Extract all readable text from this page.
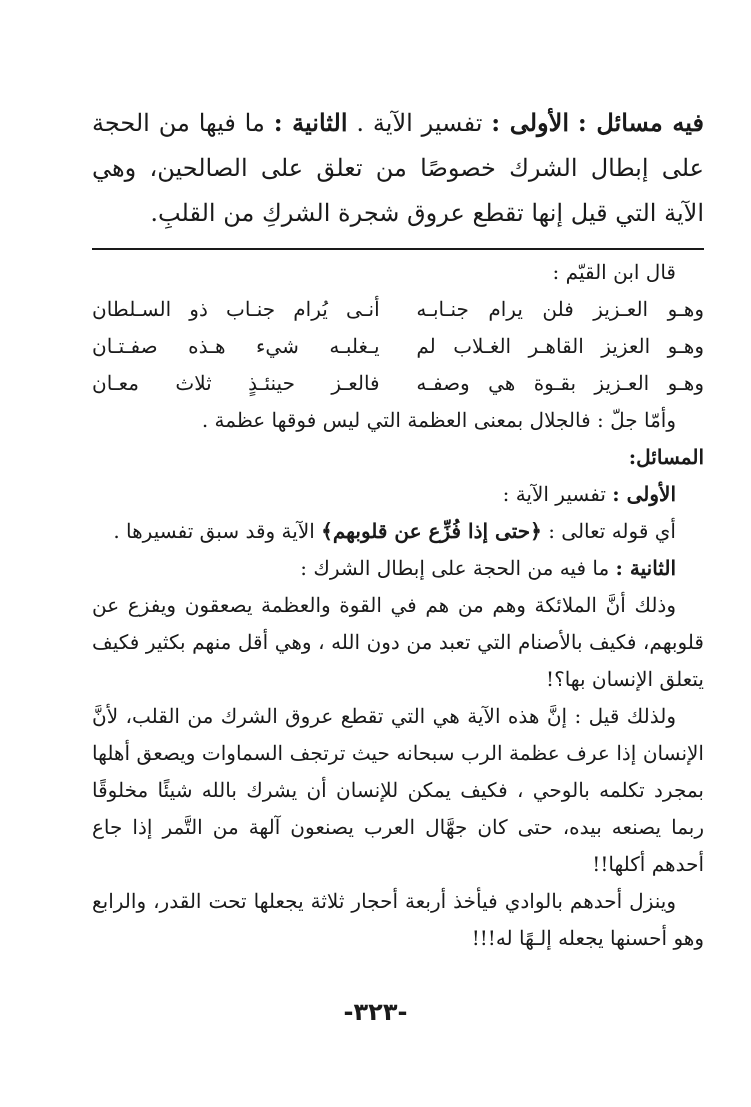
فيه مسائل : الأولى : تفسير الآية . الثانية : ما فيها من الحجة على إبطال الشرك خصوصًا من تعلق على الصالحين، وهي الآية التي قيل إنها تقطع عروق شجرة الشركِ من القلبِ.

قال ابن القيّم :

وهـو العـزيز فلن يرام جنـابـه
أنـى يُرام جنـاب ذو السـلطان
وهـو العزيز القاهـر الغـلاب لم
يـغلبـه شيء هـذه صفـتـان
وهـو العـزيز بقـوة هي وصفـه
فالعـز حينئـذٍ ثلاث معـان

وأمّا جلّ : فالجلال بمعنى العظمة التي ليس فوقها عظمة .

المسائل:

الأولى : تفسير الآية :

أي قوله تعالى : ﴿حتى إذا فُزِّع عن قلوبهم﴾ الآية وقد سبق تفسيرها .

الثانية : ما فيه من الحجة على إبطال الشرك :

وذلك أنَّ الملائكة وهم من هم في القوة والعظمة يصعقون ويفزع عن قلوبهم، فكيف بالأصنام التي تعبد من دون الله ، وهي أقل منهم بكثير فكيف يتعلق الإنسان بها؟!

ولذلك قيل : إنَّ هذه الآية هي التي تقطع عروق الشرك من القلب، لأنَّ الإنسان إذا عرف عظمة الرب سبحانه حيث ترتجف السماوات ويصعق أهلها بمجرد تكلمه بالوحي ، فكيف يمكن للإنسان أن يشرك بالله شيئًا مخلوقًا ربما يصنعه بيده، حتى كان جهَّال العرب يصنعون آلهة من التَّمر إذا جاع أحدهم أكلها!!

وينزل أحدهم بالوادي فيأخذ أربعة أحجار ثلاثة يجعلها تحت القدر، والرابع وهو أحسنها يجعله إلـهًا له!!!

-٣٢٣-
